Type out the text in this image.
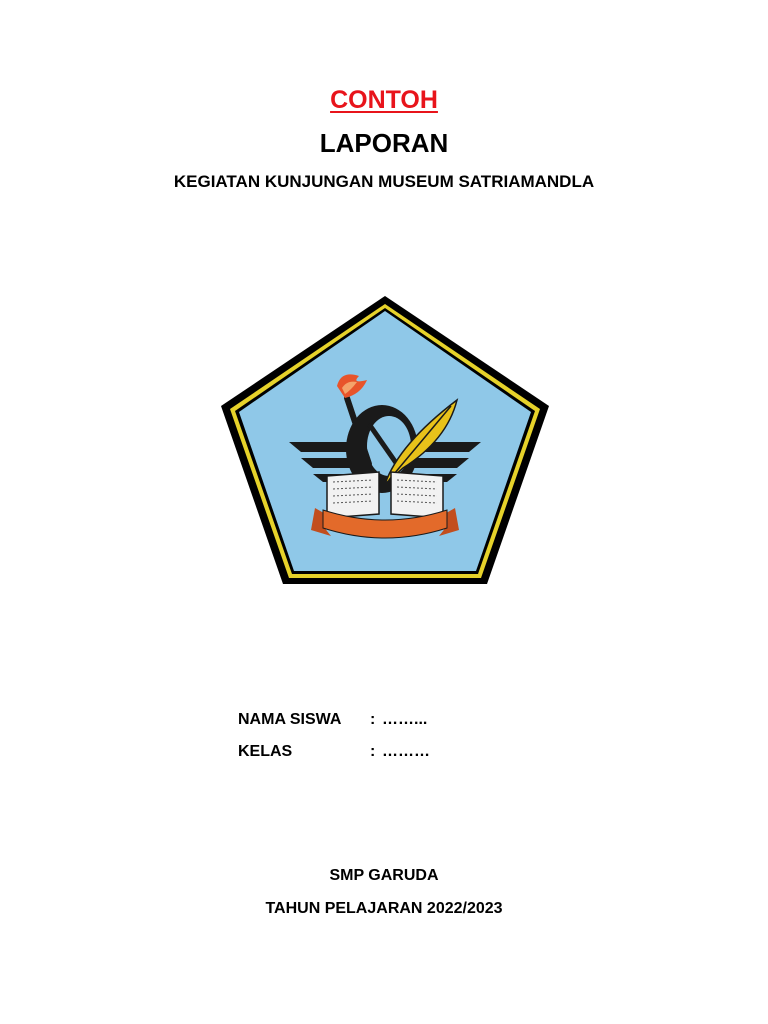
CONTOH
LAPORAN
KEGIATAN KUNJUNGAN MUSEUM SATRIAMANDLA
NAMA SISWA	: ……...
KELAS	: ………
SMP GARUDA
TAHUN PELAJARAN 2022/2023
